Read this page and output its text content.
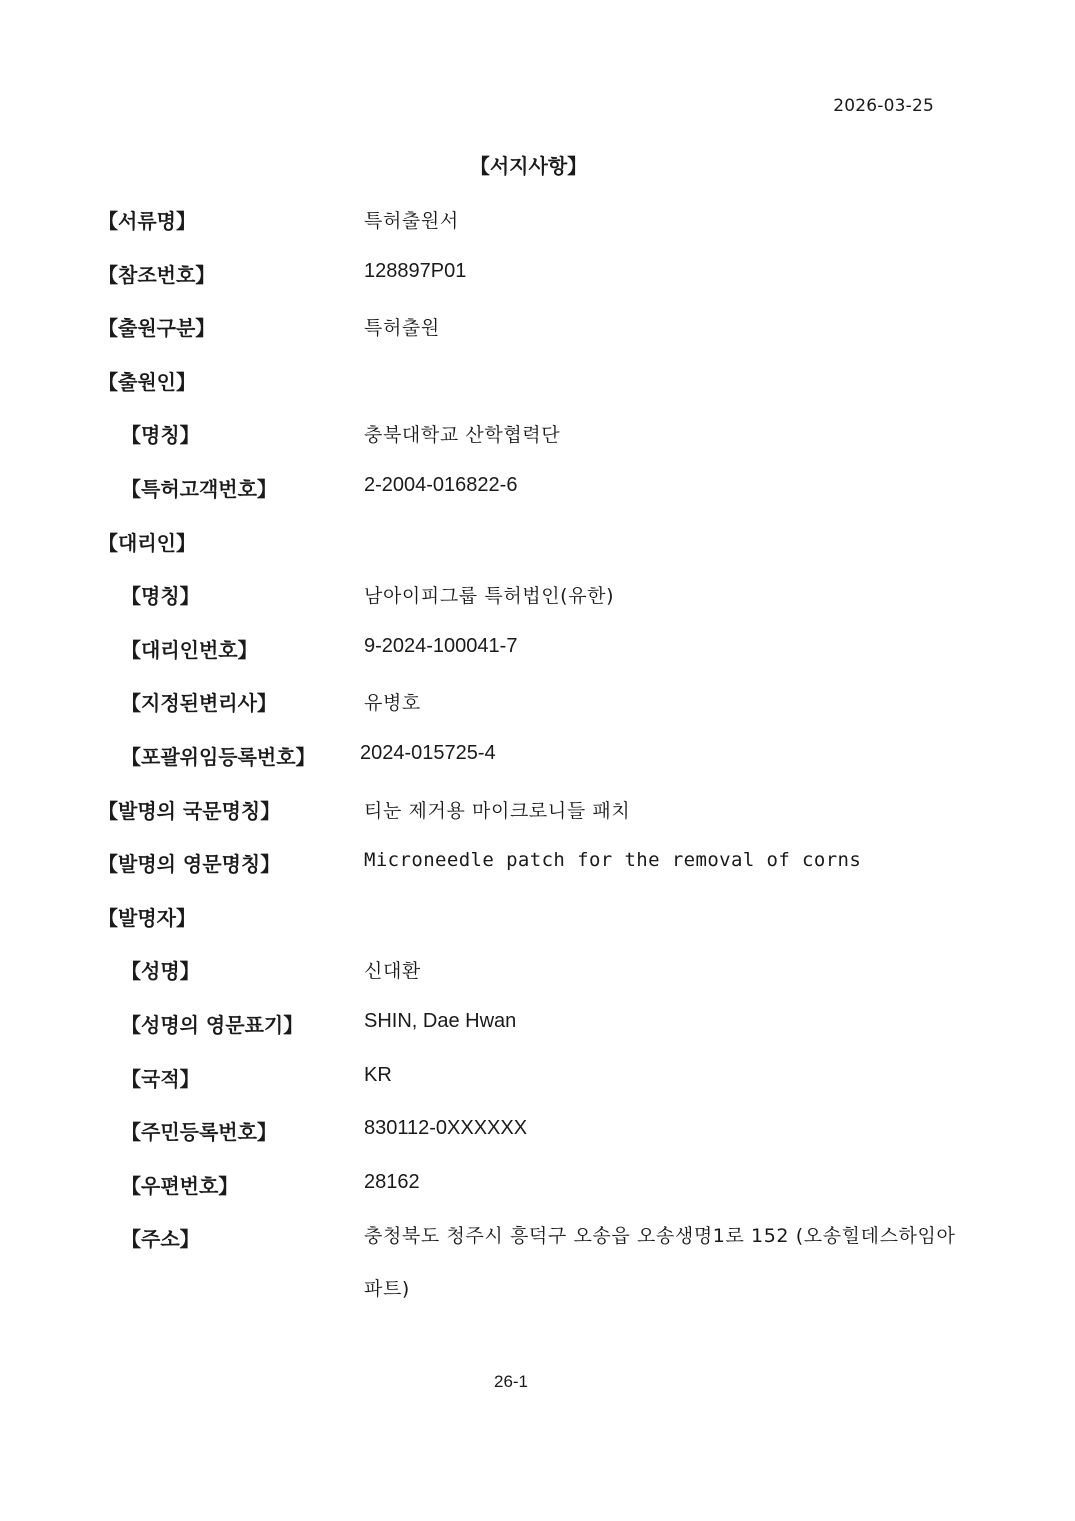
2026-03-25
【서지사항】
【서류명】	특허출원서
【참조번호】	128897P01
【출원구분】	특허출원
【출원인】
【명칭】	충북대학교 산학협력단
【특허고객번호】	2-2004-016822-6
【대리인】
【명칭】	남아이피그룹 특허법인(유한)
【대리인번호】	9-2024-100041-7
【지정된변리사】	유병호
【포괄위임등록번호】 2024-015725-4
【발명의 국문명칭】	티눈 제거용 마이크로니들 패치
【발명의 영문명칭】	Microneedle patch for the removal of corns
【발명자】
【성명】	신대환
【성명의 영문표기】	SHIN, Dae Hwan
【국적】	KR
【주민등록번호】	830112-0XXXXXX
【우편번호】	28162
【주소】	충청북도 청주시 흥덕구 오송읍 오송생명1로 152 (오송힐데스하임아파트)
26-1
